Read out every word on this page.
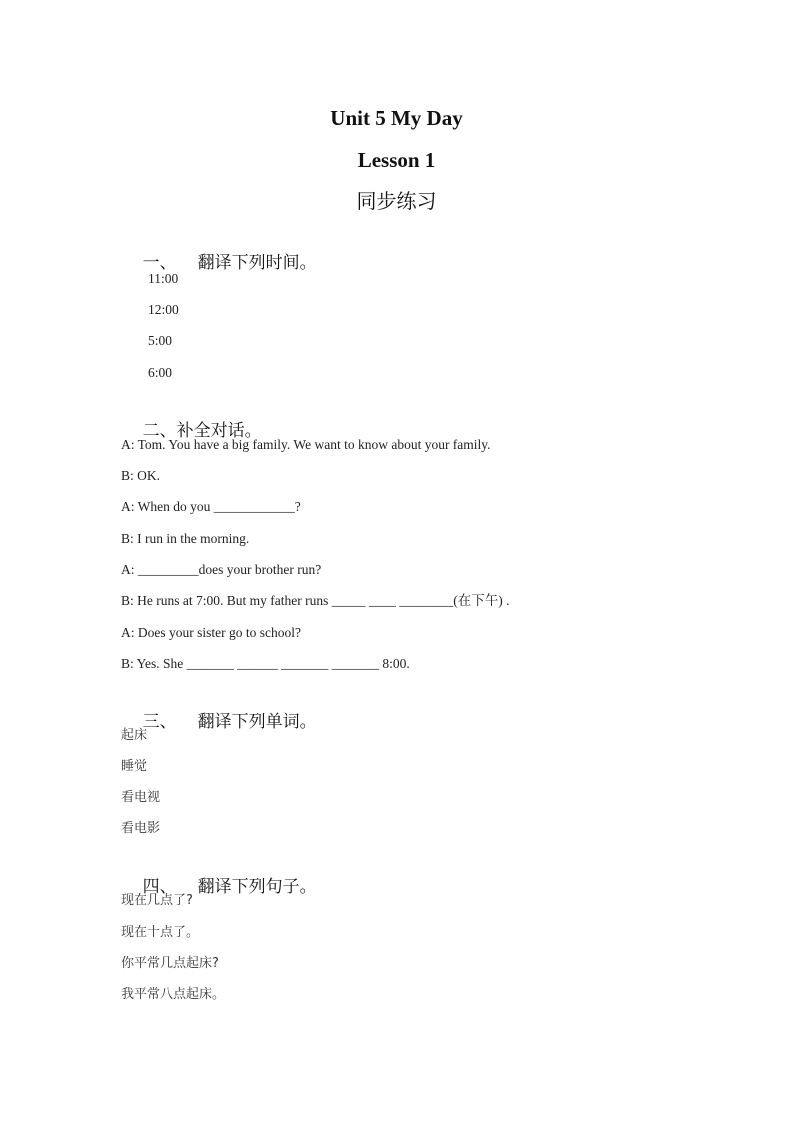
Unit 5 My Day
Lesson 1
同步练习

一、 翻译下列时间。

11:00
12:00
5:00
6:00

二、补全对话。

A: Tom. You have a big family. We want to know about your family.
B: OK.
A: When do you ____________?
B: I run in the morning.
A: _________does your brother run?
B: He runs at 7:00. But my father runs _____ ____ ________(在下午) .
A: Does your sister go to school?
B: Yes. She _______ ______ _______ _______ 8:00.

三、 翻译下列单词。

起床
睡觉
看电视
看电影

四、 翻译下列句子。

现在几点了?
现在十点了。
你平常几点起床?
我平常八点起床。
